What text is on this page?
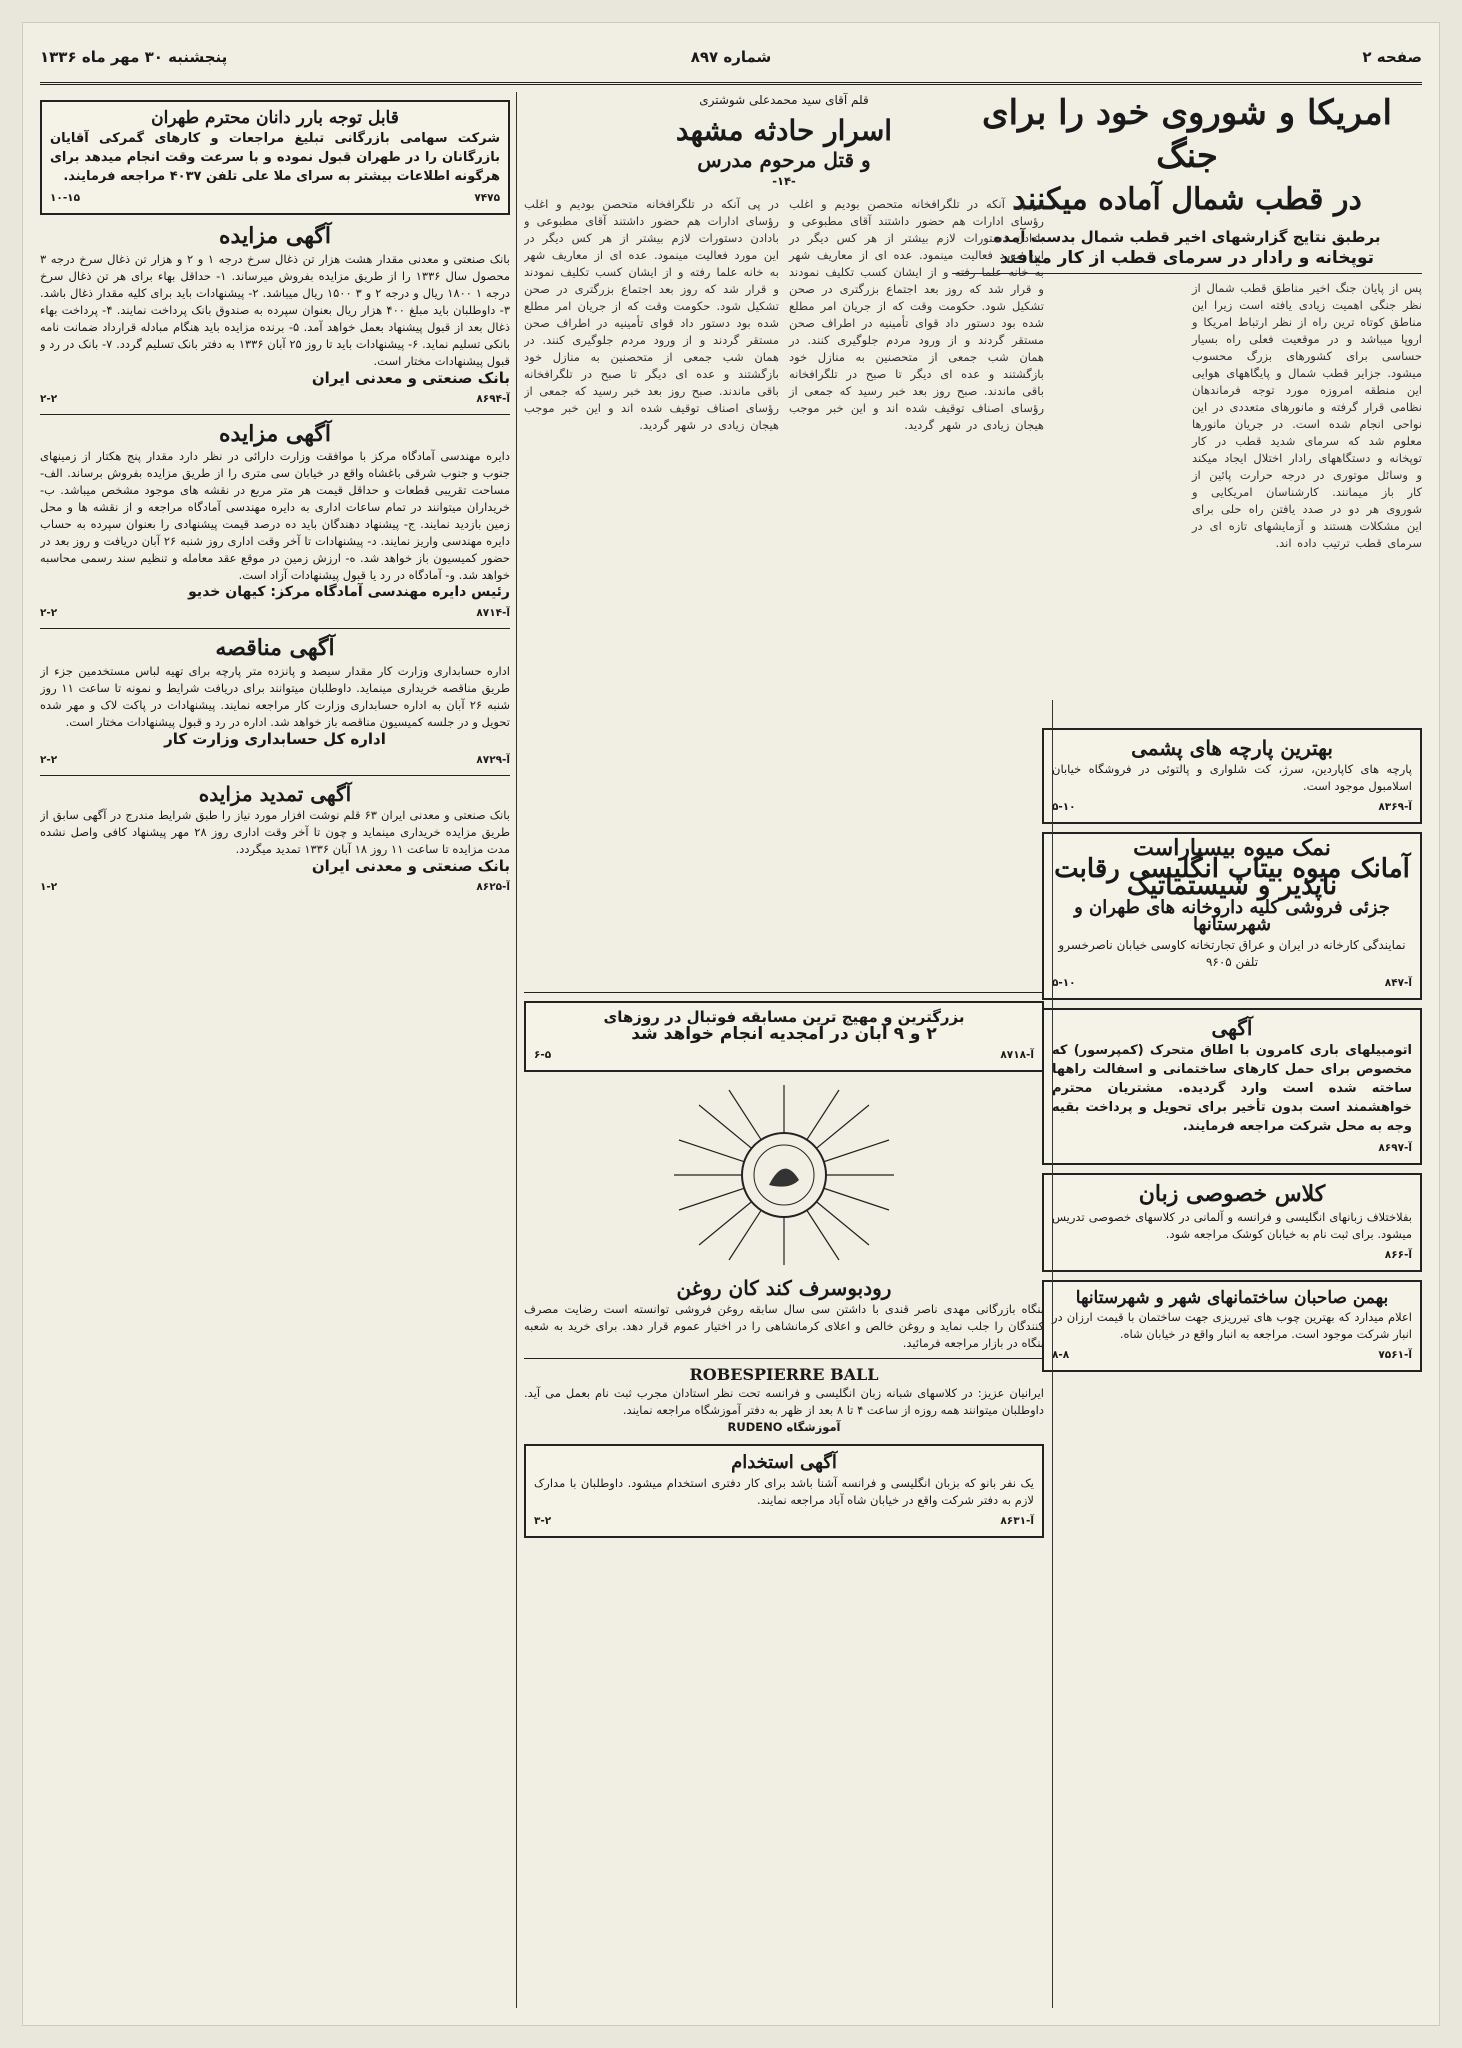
صفحه ۲
شماره ۸۹۷
پنجشنبه ۳۰ مهر ماه ۱۳۳۶
امریکا و شوروی خود را برای جنگ
در قطب شمال آماده میکنند
برطبق نتایج گزارشهای اخیر قطب شمال بدست آمده
توپخانه و رادار در سرمای قطب از کار میافتد
پس از پایان جنگ اخیر مناطق قطب شمال از نظر جنگی اهمیت زیادی یافته است زیرا این مناطق کوتاه ترین راه از نظر ارتباط امریکا و اروپا میباشد و در موقعیت فعلی راه بسیار حساسی برای کشورهای بزرگ محسوب میشود. جزایر قطب شمال و پایگاههای هوایی این منطقه امروزه مورد توجه فرماندهان نظامی قرار گرفته و مانورهای متعددی در این نواحی انجام شده است. در جریان مانورها معلوم شد که سرمای شدید قطب در کار توپخانه و دستگاههای رادار اختلال ایجاد میکند و وسائل موتوری در درجه حرارت پائین از کار باز میمانند. کارشناسان امریکایی و شوروی هر دو در صدد یافتن راه حلی برای این مشکلات هستند و آزمایشهای تازه ای در سرمای قطب ترتیب داده اند.
بهترین پارچه های پشمی
پارچه های کاپاردین، سرژ، کت شلواری و پالتوئی در فروشگاه خیابان اسلامبول موجود است.
۵-۱۰	آ-۸۳۶۹
نمک میوه بیسباراست
آمانک میوه بیتاپ انگلیسی رقابت ناپذیر و سیستماتیک
جزئی فروشی کلیه داروخانه های طهران و شهرستانها
نمایندگی کارخانه در ایران و عراق تجارتخانه کاوسی خیابان ناصرخسرو تلفن ۹۶۰۵
۵-۱۰	آ-۸۴۷
آگهی
اتومبیلهای باری کامرون با اطاق متحرک (کمپرسور) که مخصوص برای حمل کارهای ساختمانی و اسفالت راهها ساخته شده است وارد گردیده. مشتریان محترم خواهشمند است بدون تأخیر برای تحویل و پرداخت بقیه وجه به محل شرکت مراجعه فرمایند.
آ-۸۶۹۷
کلاس خصوصی زبان
بفلاختلاف زبانهای انگلیسی و فرانسه و آلمانی در کلاسهای خصوصی تدریس میشود. برای ثبت نام به خیابان کوشک مراجعه شود.
آ-۸۶۶
بهمن صاحبان ساختمانهای شهر و شهرستانها
اعلام میدارد که بهترین چوب های تیرریزی جهت ساختمان با قیمت ارزان در انبار شرکت موجود است. مراجعه به انبار واقع در خیابان شاه.
۸-۸	آ-۷۵۶۱
قلم آقای سید محمدعلی شوشتری
اسرار حادثه مشهد
و قتل مرحوم مدرس
-۱۴-
در پی آنکه در تلگرافخانه متحصن بودیم و اغلب رؤسای ادارات هم حضور داشتند آقای مطبوعی و بادادن دستورات لازم بیشتر از هر کس دیگر در این مورد فعالیت مینمود. عده ای از معاریف شهر به خانه علما رفته و از ایشان کسب تکلیف نمودند و قرار شد که روز بعد اجتماع بزرگتری در صحن تشکیل شود. حکومت وقت که از جریان امر مطلع شده بود دستور داد قوای تأمینیه در اطراف صحن مستقر گردند و از ورود مردم جلوگیری کنند. در همان شب جمعی از متحصنین به منازل خود بازگشتند و عده ای دیگر تا صبح در تلگرافخانه باقی ماندند. صبح روز بعد خبر رسید که جمعی از رؤسای اصناف توقیف شده اند و این خبر موجب هیجان زیادی در شهر گردید.
در پی آنکه در تلگرافخانه متحصن بودیم و اغلب رؤسای ادارات هم حضور داشتند آقای مطبوعی و بادادن دستورات لازم بیشتر از هر کس دیگر در این مورد فعالیت مینمود. عده ای از معاریف شهر به خانه علما رفته و از ایشان کسب تکلیف نمودند و قرار شد که روز بعد اجتماع بزرگتری در صحن تشکیل شود. حکومت وقت که از جریان امر مطلع شده بود دستور داد قوای تأمینیه در اطراف صحن مستقر گردند و از ورود مردم جلوگیری کنند. در همان شب جمعی از متحصنین به منازل خود بازگشتند و عده ای دیگر تا صبح در تلگرافخانه باقی ماندند. صبح روز بعد خبر رسید که جمعی از رؤسای اصناف توقیف شده اند و این خبر موجب هیجان زیادی در شهر گردید.
بزرگترین و مهیج ترین مسابقه فوتبال در روزهای
۲ و ۹ آبان در امجدیه انجام خواهد شد
۶-۵	آ-۸۷۱۸
رودبوسرف کند کان روغن
بنگاه بازرگانی مهدی ناصر قندی با داشتن سی سال سابقه روغن فروشی توانسته است رضایت مصرف کنندگان را جلب نماید و روغن خالص و اعلای کرمانشاهی را در اختیار عموم قرار دهد. برای خرید به شعبه بنگاه در بازار مراجعه فرمائید.
ROBESPIERRE BALL
ایرانیان عزیز: در کلاسهای شبانه زبان انگلیسی و فرانسه تحت نظر استادان مجرب ثبت نام بعمل می آید. داوطلبان میتوانند همه روزه از ساعت ۴ تا ۸ بعد از ظهر به دفتر آموزشگاه مراجعه نمایند.
آموزشگاه RUDENO
آگهی استخدام
یک نفر بانو که بزبان انگلیسی و فرانسه آشنا باشد برای کار دفتری استخدام میشود. داوطلبان با مدارک لازم به دفتر شرکت واقع در خیابان شاه آباد مراجعه نمایند.
۳-۲	آ-۸۶۳۱
قابل توجه بارر دانان محترم طهران
شرکت سهامی بازرگانی تبلیغ مراجعات و کارهای گمرکی آقایان بازرگانان را در طهران قبول نموده و با سرعت وقت انجام میدهد برای هرگونه اطلاعات بیشتر به سرای ملا علی تلفن ۴۰۳۷ مراجعه فرمایند.
۱۰-۱۵	۷۴۷۵
آگهی مزایده
بانک صنعتی و معدنی مقدار هشت هزار تن ذغال سرخ درجه ۱ و ۲ و هزار تن ذغال سرخ درجه ۳ محصول سال ۱۳۳۶ را از طریق مزایده بفروش میرساند. ۱- حداقل بهاء برای هر تن ذغال سرخ درجه ۱ ۱۸۰۰ ریال و درجه ۲ و ۳ ۱۵۰۰ ریال میباشد. ۲- پیشنهادات باید برای کلیه مقدار ذغال باشد. ۳- داوطلبان باید مبلغ ۴۰۰ هزار ریال بعنوان سپرده به صندوق بانک پرداخت نمایند. ۴- پرداخت بهاء ذغال بعد از قبول پیشنهاد بعمل خواهد آمد. ۵- برنده مزایده باید هنگام مبادله قرارداد ضمانت نامه بانکی تسلیم نماید. ۶- پیشنهادات باید تا روز ۲۵ آبان ۱۳۳۶ به دفتر بانک تسلیم گردد. ۷- بانک در رد و قبول پیشنهادات مختار است.
بانک صنعتی و معدنی ایران
۲-۲	آ-۸۶۹۴
آگهی مزایده
دایره مهندسی آمادگاه مرکز با موافقت وزارت دارائی در نظر دارد مقدار پنج هکتار از زمینهای جنوب و جنوب شرقی باغشاه واقع در خیابان سی متری را از طریق مزایده بفروش برساند. الف- مساحت تقریبی قطعات و حداقل قیمت هر متر مربع در نقشه های موجود مشخص میباشد. ب- خریداران میتوانند در تمام ساعات اداری به دایره مهندسی آمادگاه مراجعه و از نقشه ها و محل زمین بازدید نمایند. ج- پیشنهاد دهندگان باید ده درصد قیمت پیشنهادی را بعنوان سپرده به حساب دایره مهندسی واریز نمایند. د- پیشنهادات تا آخر وقت اداری روز شنبه ۲۶ آبان دریافت و روز بعد در حضور کمیسیون باز خواهد شد. ه- ارزش زمین در موقع عقد معامله و تنظیم سند رسمی محاسبه خواهد شد. و- آمادگاه در رد یا قبول پیشنهادات آزاد است.
رئیس دایره مهندسی آمادگاه مرکز: کیهان خدیو
۲-۲	آ-۸۷۱۴
آگهی مناقصه
اداره حسابداری وزارت کار مقدار سیصد و پانزده متر پارچه برای تهیه لباس مستخدمین جزء از طریق مناقصه خریداری مینماید. داوطلبان میتوانند برای دریافت شرایط و نمونه تا ساعت ۱۱ روز شنبه ۲۶ آبان به اداره حسابداری وزارت کار مراجعه نمایند. پیشنهادات در پاکت لاک و مهر شده تحویل و در جلسه کمیسیون مناقصه باز خواهد شد. اداره در رد و قبول پیشنهادات مختار است.
اداره کل حسابداری وزارت کار
۲-۲	آ-۸۷۲۹
آگهی تمدید مزایده
بانک صنعتی و معدنی ایران ۶۳ قلم نوشت افزار مورد نیاز را طبق شرایط مندرج در آگهی سابق از طریق مزایده خریداری مینماید و چون تا آخر وقت اداری روز ۲۸ مهر پیشنهاد کافی واصل نشده مدت مزایده تا ساعت ۱۱ روز ۱۸ آبان ۱۳۳۶ تمدید میگردد.
بانک صنعتی و معدنی ایران
۱-۲	آ-۸۶۲۵
